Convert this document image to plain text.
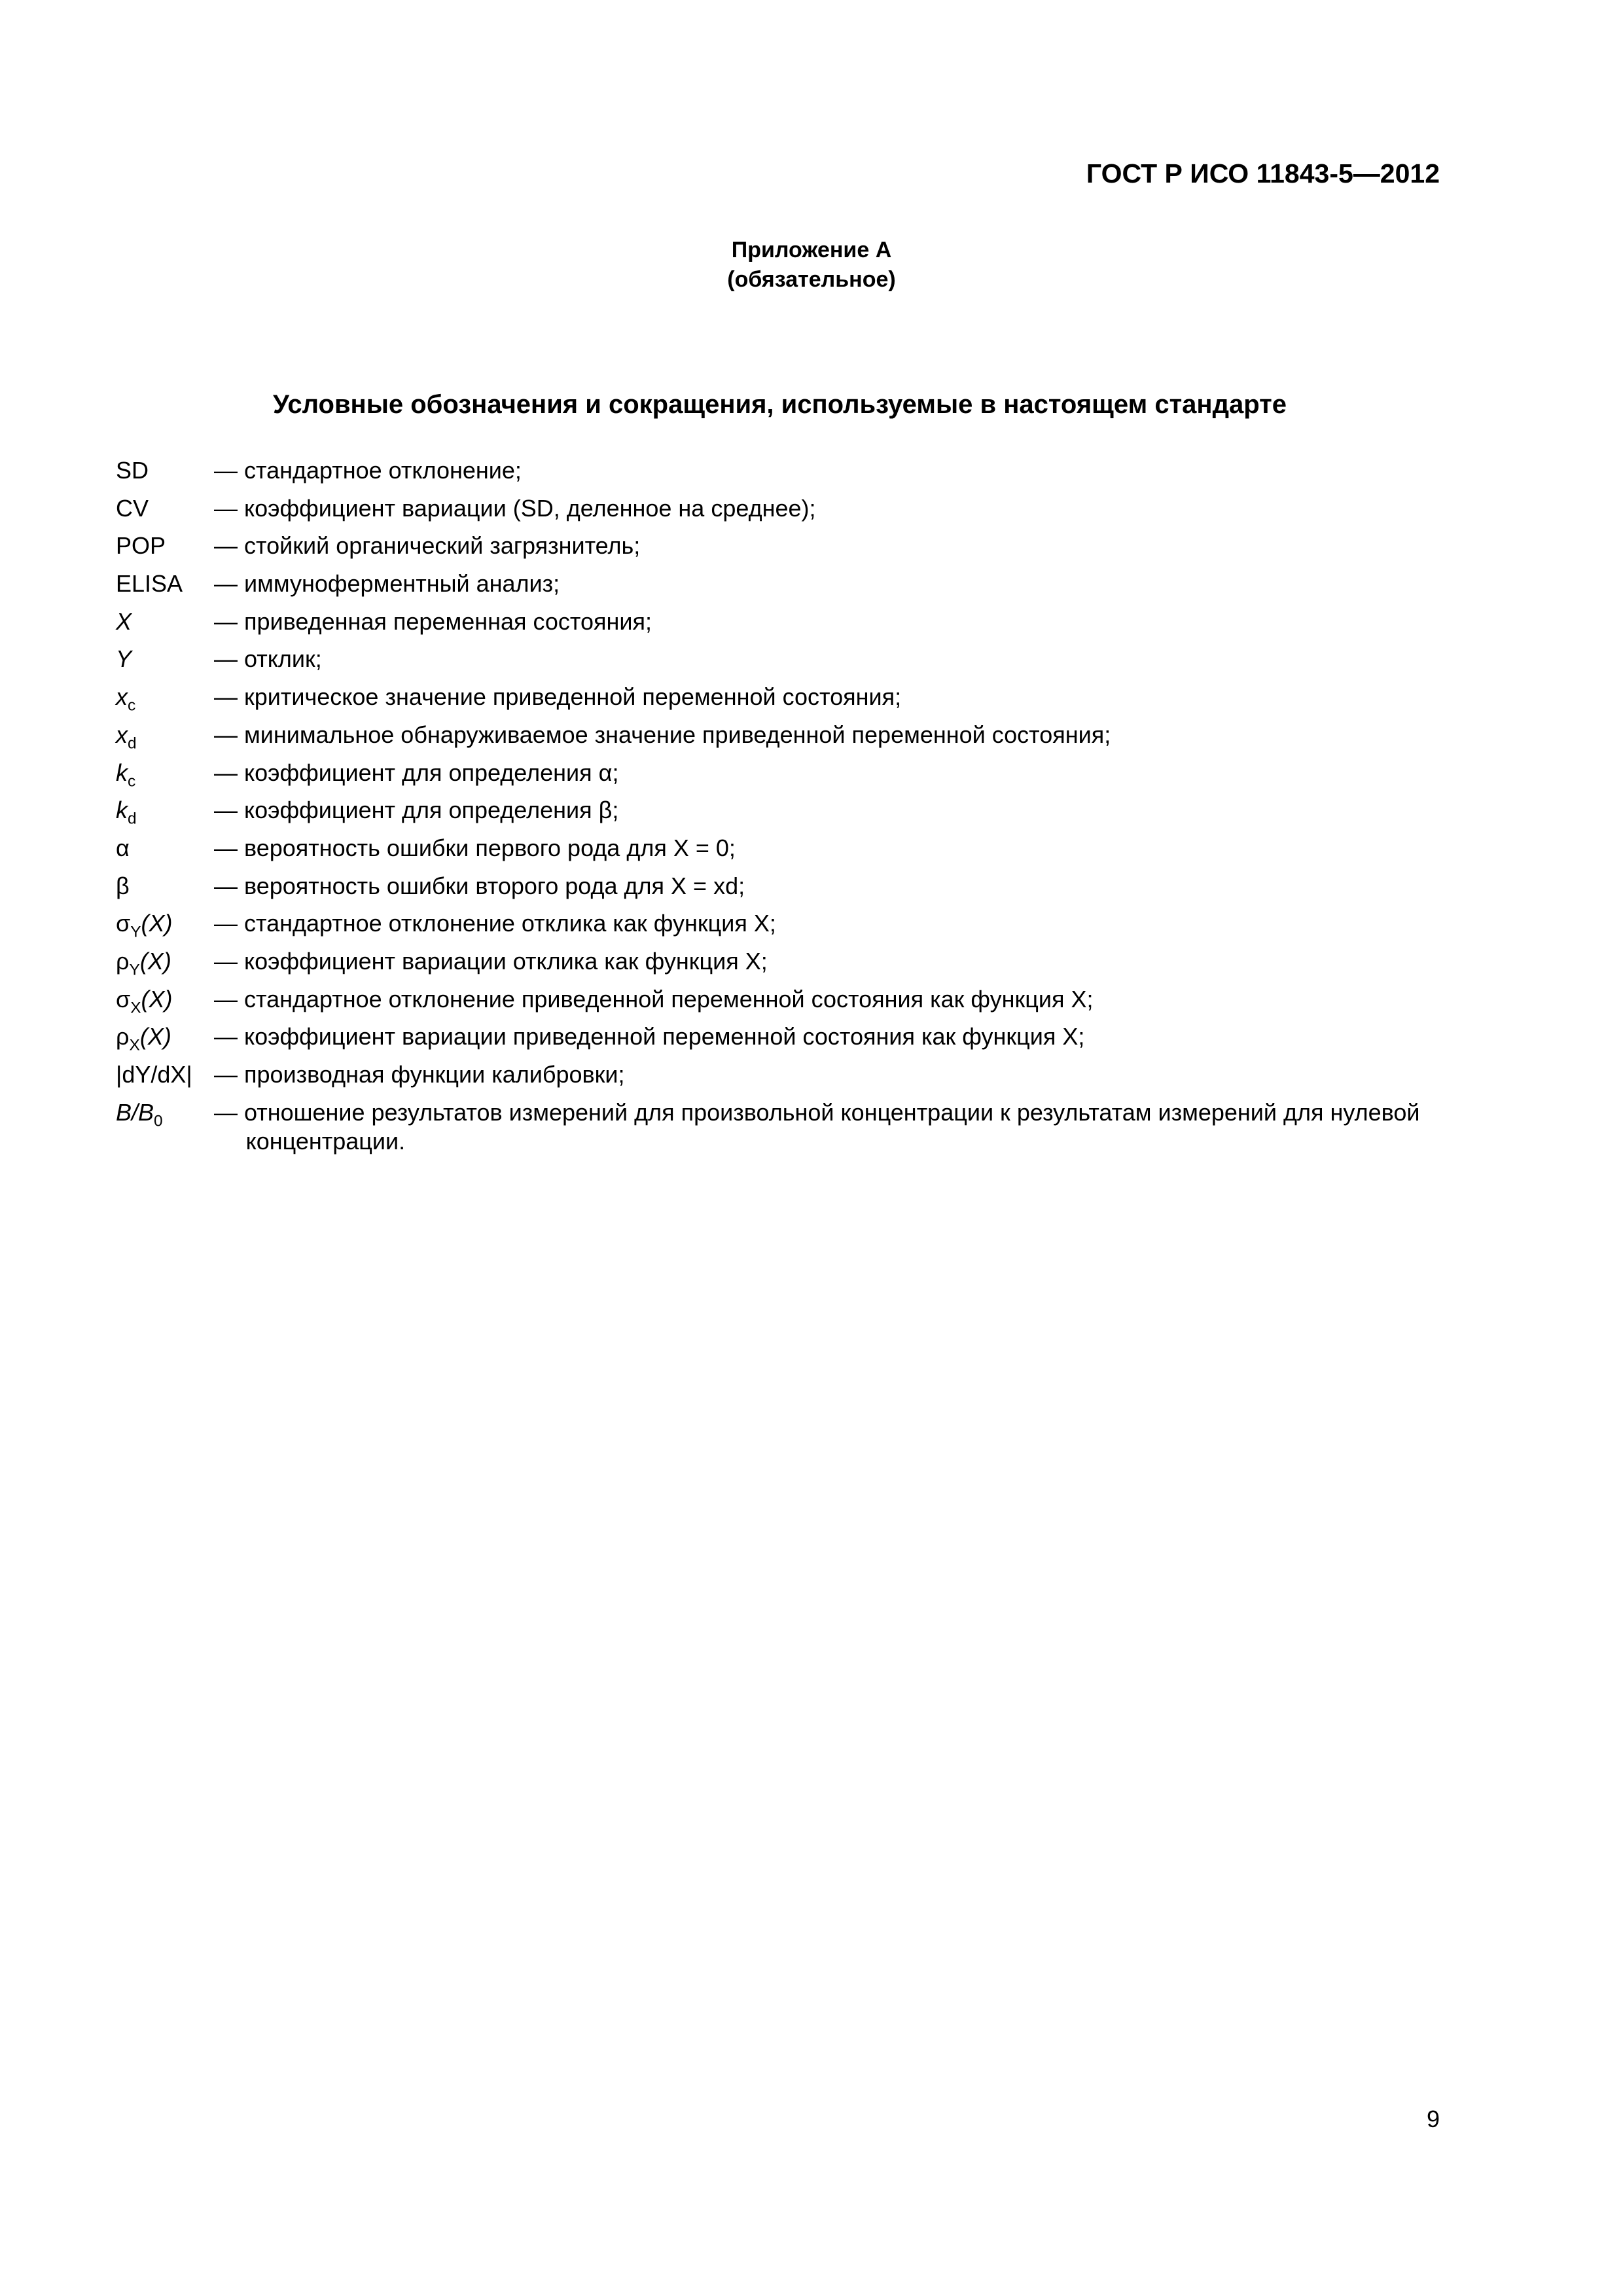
ГОСТ Р ИСО 11843-5—2012
Приложение А
(обязательное)
Условные обозначения и сокращения, используемые в настоящем стандарте
SD	— стандартное отклонение;
CV	— коэффициент вариации (SD, деленное на среднее);
POP	— стойкий органический загрязнитель;
ELISA	— иммуноферментный анализ;
X	— приведенная переменная состояния;
Y	— отклик;
$x_c$	— критическое значение приведенной переменной состояния;
$x_d$	— минимальное обнаруживаемое значение приведенной переменной состояния;
$k_c$	— коэффициент для определения α;
$k_d$	— коэффициент для определения β;
α	— вероятность ошибки первого рода для X = 0;
β	— вероятность ошибки второго рода для X = xd;
$\sigma_Y(X)$	— стандартное отклонение отклика как функция X;
$\rho_Y(X)$	— коэффициент вариации отклика как функция X;
$\sigma_X(X)$	— стандартное отклонение приведенной переменной состояния как функция X;
$\rho_X(X)$	— коэффициент вариации приведенной переменной состояния как функция X;
|dY/dX| — производная функции калибровки;
$B/B_0$	— отношение результатов измерений для произвольной концентрации к результатам измерений для нулевой концентрации.
9
